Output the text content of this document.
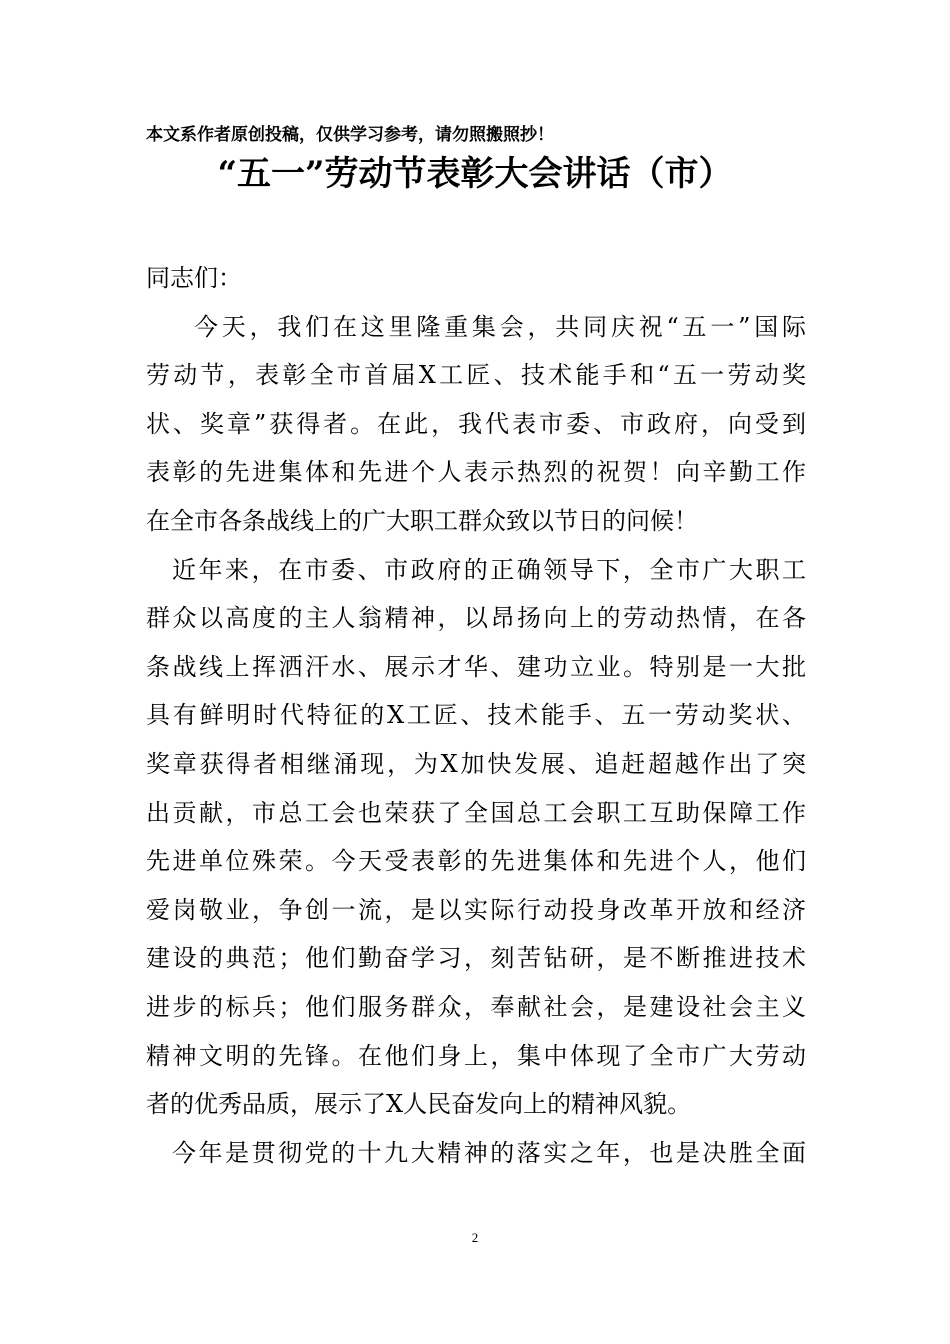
本文系作者原创投稿，仅供学习参考，请勿照搬照抄！
“五一”劳动节表彰大会讲话（市）
同志们：
今天，我们在这里隆重集会，共同庆祝“五一”国际
劳动节，表彰全市首届X工匠、技术能手和“五一劳动奖
状、奖章”获得者。在此，我代表市委、市政府，向受到
表彰的先进集体和先进个人表示热烈的祝贺！向辛勤工作
在全市各条战线上的广大职工群众致以节日的问候！
近年来，在市委、市政府的正确领导下，全市广大职工
群众以高度的主人翁精神，以昂扬向上的劳动热情，在各
条战线上挥洒汗水、展示才华、建功立业。特别是一大批
具有鲜明时代特征的X工匠、技术能手、五一劳动奖状、
奖章获得者相继涌现，为X加快发展、追赶超越作出了突
出贡献，市总工会也荣获了全国总工会职工互助保障工作
先进单位殊荣。今天受表彰的先进集体和先进个人，他们
爱岗敬业，争创一流，是以实际行动投身改革开放和经济
建设的典范；他们勤奋学习，刻苦钻研，是不断推进技术
进步的标兵；他们服务群众，奉献社会，是建设社会主义
精神文明的先锋。在他们身上，集中体现了全市广大劳动
者的优秀品质，展示了X人民奋发向上的精神风貌。
今年是贯彻党的十九大精神的落实之年，也是决胜全面
2
